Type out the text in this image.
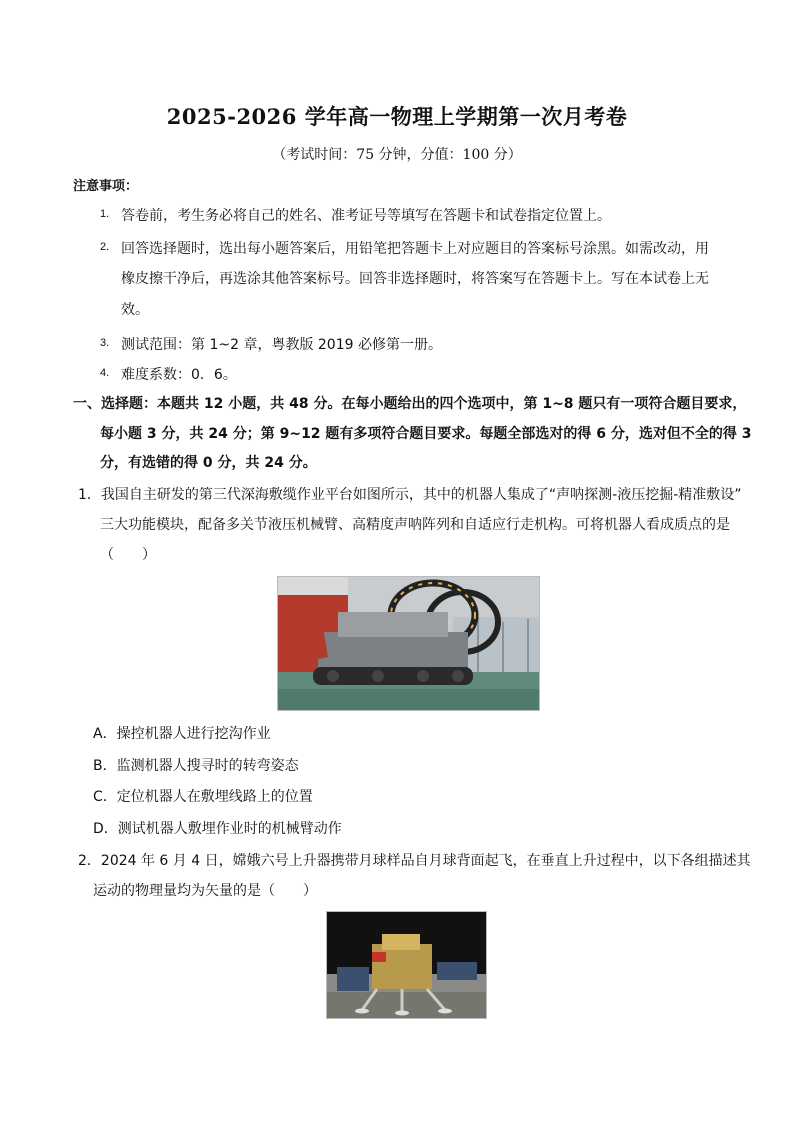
2025-2026 学年高一物理上学期第一次月考卷
（考试时间：75 分钟，分值：100 分）
注意事项：
1. 答卷前，考生务必将自己的姓名、准考证号等填写在答题卡和试卷指定位置上。
2. 回答选择题时，选出每小题答案后，用铅笔把答题卡上对应题目的答案标号涂黑。如需改动，用
橡皮擦干净后，再选涂其他答案标号。回答非选择题时，将答案写在答题卡上。写在本试卷上无
效。
3. 测试范围：第 1~2 章，粤教版 2019 必修第一册。
4. 难度系数：0．6。
一、选择题：本题共 12 小题，共 48 分。在每小题给出的四个选项中，第 1~8 题只有一项符合题目要求，
每小题 3 分，共 24 分；第 9~12 题有多项符合题目要求。每题全部选对的得 6 分，选对但不全的得 3
分，有选错的得 0 分，共 24 分。
1．我国自主研发的第三代深海敷缆作业平台如图所示，其中的机器人集成了“声呐探测-液压挖掘-精准敷设”
三大功能模块，配备多关节液压机械臂、高精度声呐阵列和自适应行走机构。可将机器人看成质点的是
（　　）
A．操控机器人进行挖沟作业
B．监测机器人搜寻时的转弯姿态
C．定位机器人在敷埋线路上的位置
D．测试机器人敷埋作业时的机械臂动作
2．2024 年 6 月 4 日，嫦娥六号上升器携带月球样品自月球背面起飞，在垂直上升过程中，以下各组描述其
运动的物理量均为矢量的是（　　）
